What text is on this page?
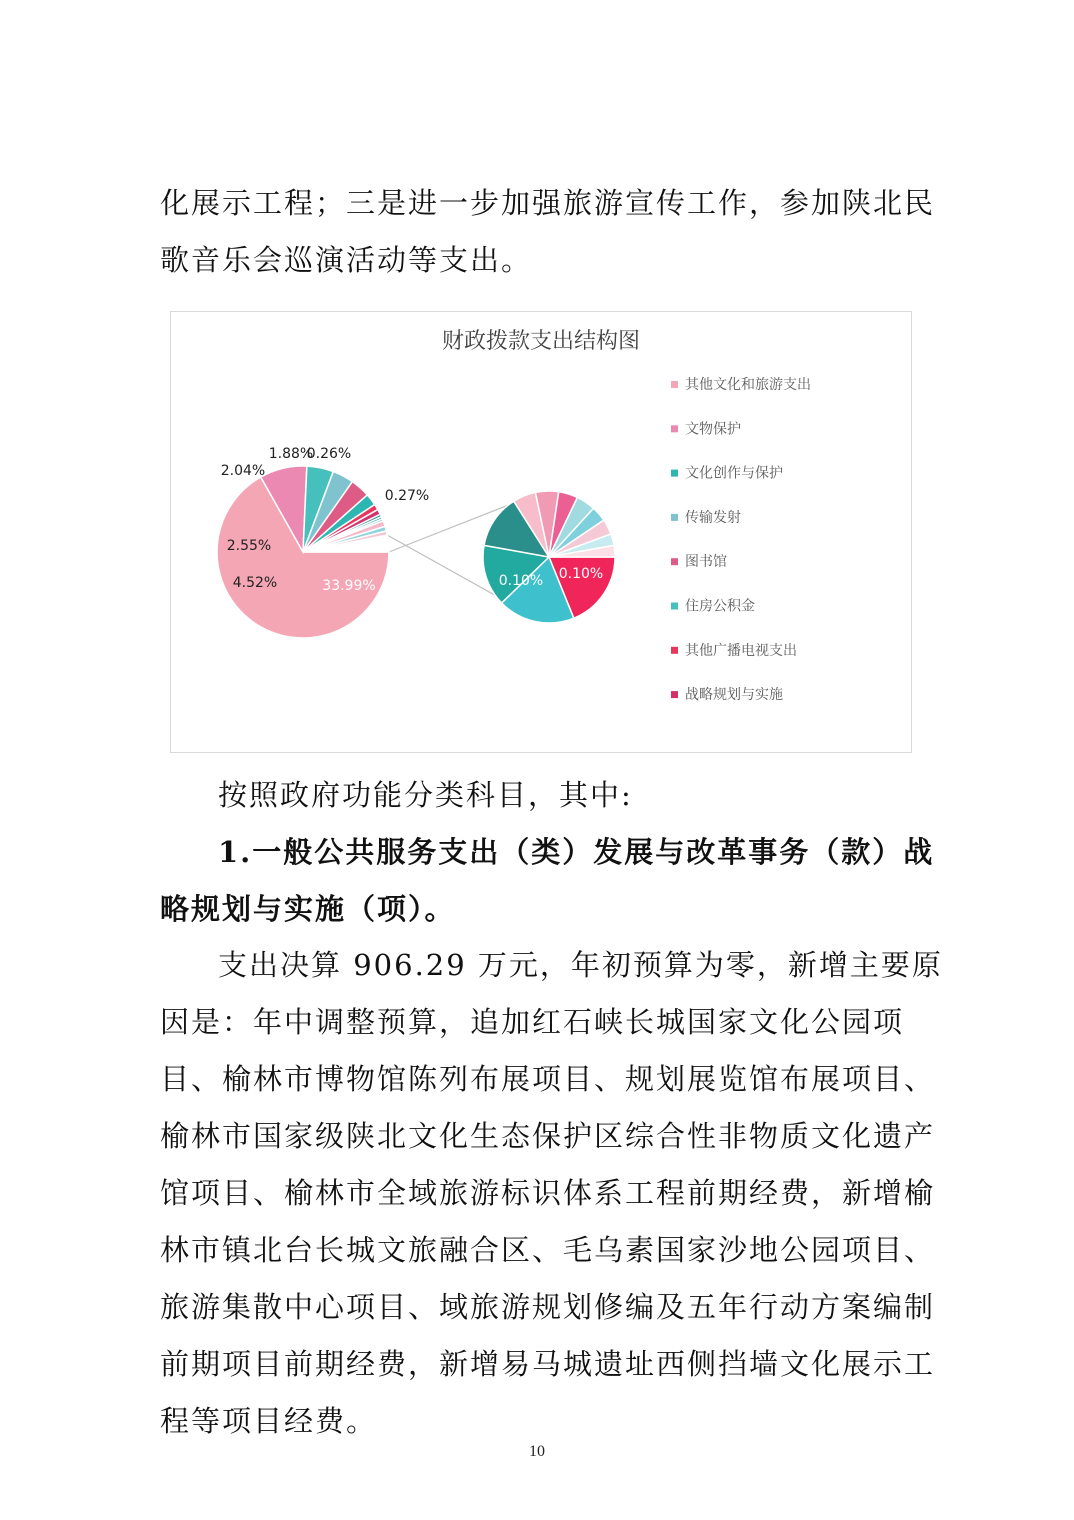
化展示工程；三是进一步加强旅游宣传工作，参加陕北民歌音乐会巡演活动等支出。

财政拨款支出结构图
33.99%
4.52%
2.55%
2.04%
1.88%
0.26%
0.27%
0.10%
0.10%
其他文化和旅游支出
文物保护
文化创作与保护
传输发射
图书馆
住房公积金
其他广播电视支出
战略规划与实施

按照政府功能分类科目，其中:

1.一般公共服务支出（类）发展与改革事务（款）战略规划与实施（项）。

支出决算 906.29 万元，年初预算为零，新增主要原因是：年中调整预算，追加红石峡长城国家文化公园项目、榆林市博物馆陈列布展项目、规划展览馆布展项目、榆林市国家级陕北文化生态保护区综合性非物质文化遗产馆项目、榆林市全域旅游标识体系工程前期经费，新增榆林市镇北台长城文旅融合区、毛乌素国家沙地公园项目、旅游集散中心项目、域旅游规划修编及五年行动方案编制前期项目前期经费，新增易马城遗址西侧挡墙文化展示工程等项目经费。

10
